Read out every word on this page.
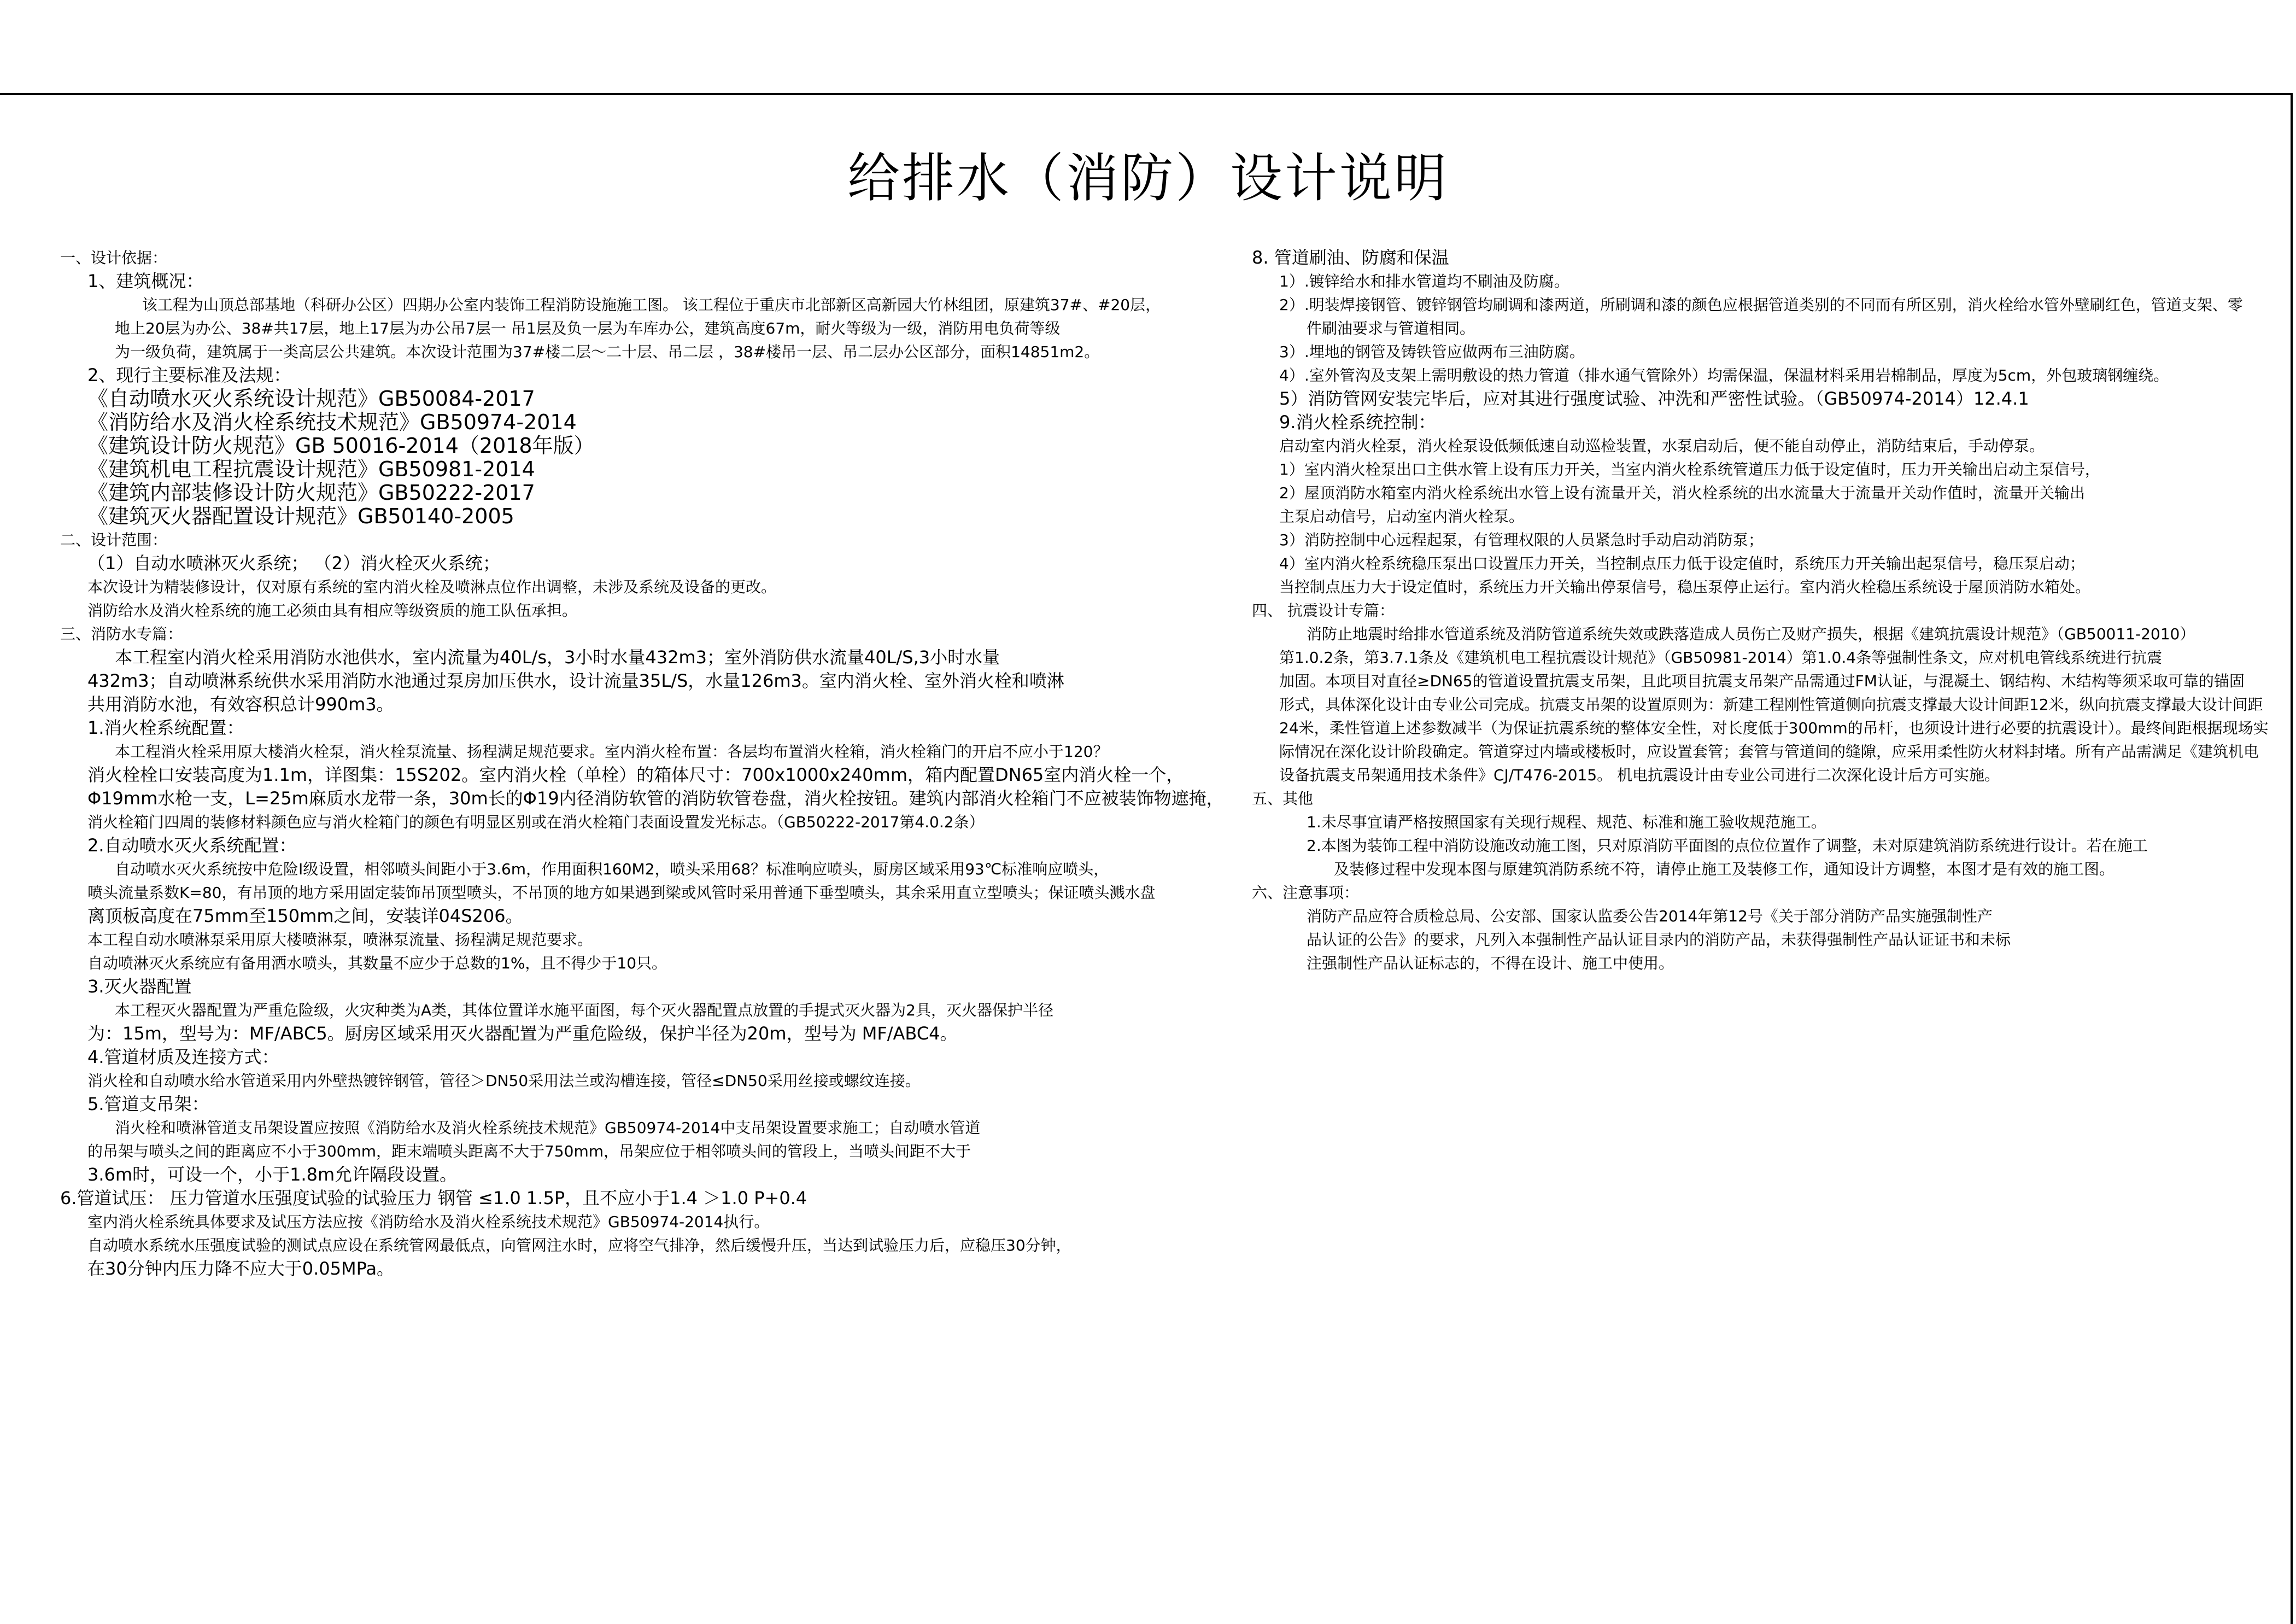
给排水（消防）设计说明
一、设计依据：
1、建筑概况：
该工程为山顶总部基地（科研办公区）四期办公室内装饰工程消防设施施工图。 该工程位于重庆市北部新区高新园大竹林组团，原建筑37#、#20层，
地上20层为办公、38#共17层，地上17层为办公吊7层一 吊1层及负一层为车库办公，建筑高度67m，耐火等级为一级，消防用电负荷等级
为一级负荷，建筑属于一类高层公共建筑。本次设计范围为37#楼二层～二十层、吊二层 ，38#楼吊一层、吊二层办公区部分，面积14851m2。
2、现行主要标准及法规：
《自动喷水灭火系统设计规范》GB50084-2017
《消防给水及消火栓系统技术规范》GB50974-2014
《建筑设计防火规范》GB 50016-2014（2018年版）
《建筑机电工程抗震设计规范》GB50981-2014
《建筑内部装修设计防火规范》GB50222-2017
《建筑灭火器配置设计规范》GB50140-2005
二、设计范围：
（1）自动水喷淋灭火系统； （2）消火栓灭火系统；
本次设计为精装修设计，仅对原有系统的室内消火栓及喷淋点位作出调整，未涉及系统及设备的更改。
消防给水及消火栓系统的施工必须由具有相应等级资质的施工队伍承担。
三、消防水专篇：
本工程室内消火栓采用消防水池供水，室内流量为40L/s，3小时水量432m3；室外消防供水流量40L/S,3小时水量
432m3；自动喷淋系统供水采用消防水池通过泵房加压供水，设计流量35L/S，水量126m3。室内消火栓、室外消火栓和喷淋
共用消防水池，有效容积总计990m3。
1.消火栓系统配置：
本工程消火栓采用原大楼消火栓泵，消火栓泵流量、扬程满足规范要求。室内消火栓布置：各层均布置消火栓箱，消火栓箱门的开启不应小于120？
消火栓栓口安装高度为1.1m，详图集：15S202。室内消火栓（单栓）的箱体尺寸：700x1000x240mm，箱内配置DN65室内消火栓一个，
Φ19mm水枪一支，L=25m麻质水龙带一条，30m长的Φ19内径消防软管的消防软管卷盘，消火栓按钮。建筑内部消火栓箱门不应被装饰物遮掩，
消火栓箱门四周的装修材料颜色应与消火栓箱门的颜色有明显区别或在消火栓箱门表面设置发光标志。（GB50222-2017第4.0.2条）
2.自动喷水灭火系统配置：
自动喷水灭火系统按中危险Ⅰ级设置，相邻喷头间距小于3.6m，作用面积160M2，喷头采用68？标准响应喷头，厨房区域采用93℃标准响应喷头，
喷头流量系数K=80，有吊顶的地方采用固定装饰吊顶型喷头，不吊顶的地方如果遇到梁或风管时采用普通下垂型喷头，其余采用直立型喷头；保证喷头溅水盘
离顶板高度在75mm至150mm之间，安装详04S206。
本工程自动水喷淋泵采用原大楼喷淋泵，喷淋泵流量、扬程满足规范要求。
自动喷淋灭火系统应有备用洒水喷头，其数量不应少于总数的1%，且不得少于10只。
3.灭火器配置
本工程灭火器配置为严重危险级，火灾种类为A类，其体位置详水施平面图，每个灭火器配置点放置的手提式灭火器为2具，灭火器保护半径
为：15m，型号为：MF/ABC5。厨房区域采用灭火器配置为严重危险级，保护半径为20m，型号为 MF/ABC4。
4.管道材质及连接方式：
消火栓和自动喷水给水管道采用内外壁热镀锌钢管，管径＞DN50采用法兰或沟槽连接，管径≤DN50采用丝接或螺纹连接。
5.管道支吊架：
消火栓和喷淋管道支吊架设置应按照《消防给水及消火栓系统技术规范》GB50974-2014中支吊架设置要求施工；自动喷水管道
的吊架与喷头之间的距离应不小于300mm，距末端喷头距离不大于750mm，吊架应位于相邻喷头间的管段上，当喷头间距不大于
3.6m时，可设一个，小于1.8m允许隔段设置。
6.管道试压： 压力管道水压强度试验的试验压力 钢管 ≤1.0 1.5P，且不应小于1.4 ＞1.0 P+0.4
室内消火栓系统具体要求及试压方法应按《消防给水及消火栓系统技术规范》GB50974-2014执行。
自动喷水系统水压强度试验的测试点应设在系统管网最低点，向管网注水时，应将空气排净，然后缓慢升压，当达到试验压力后，应稳压30分钟，
在30分钟内压力降不应大于0.05MPa。
8. 管道刷油、防腐和保温
1）.镀锌给水和排水管道均不刷油及防腐。
2）.明装焊接钢管、镀锌钢管均刷调和漆两道，所刷调和漆的颜色应根据管道类别的不同而有所区别，消火栓给水管外壁刷红色，管道支架、零
件刷油要求与管道相同。
3）.埋地的钢管及铸铁管应做两布三油防腐。
4）.室外管沟及支架上需明敷设的热力管道（排水通气管除外）均需保温，保温材料采用岩棉制品，厚度为5cm，外包玻璃钢缠绕。
5）消防管网安装完毕后，应对其进行强度试验、冲洗和严密性试验。（GB50974-2014）12.4.1
9.消火栓系统控制：
启动室内消火栓泵，消火栓泵设低频低速自动巡检装置，水泵启动后，便不能自动停止，消防结束后，手动停泵。
1）室内消火栓泵出口主供水管上设有压力开关，当室内消火栓系统管道压力低于设定值时，压力开关输出启动主泵信号，
2）屋顶消防水箱室内消火栓系统出水管上设有流量开关，消火栓系统的出水流量大于流量开关动作值时，流量开关输出
主泵启动信号，启动室内消火栓泵。
3）消防控制中心远程起泵，有管理权限的人员紧急时手动启动消防泵；
4）室内消火栓系统稳压泵出口设置压力开关，当控制点压力低于设定值时，系统压力开关输出起泵信号，稳压泵启动；
当控制点压力大于设定值时，系统压力开关输出停泵信号，稳压泵停止运行。室内消火栓稳压系统设于屋顶消防水箱处。
四、 抗震设计专篇：
消防止地震时给排水管道系统及消防管道系统失效或跌落造成人员伤亡及财产损失，根据《建筑抗震设计规范》（GB50011-2010）
第1.0.2条，第3.7.1条及《建筑机电工程抗震设计规范》（GB50981-2014）第1.0.4条等强制性条文，应对机电管线系统进行抗震
加固。本项目对直径≥DN65的管道设置抗震支吊架，且此项目抗震支吊架产品需通过FM认证，与混凝土、钢结构、木结构等须采取可靠的锚固
形式，具体深化设计由专业公司完成。抗震支吊架的设置原则为：新建工程刚性管道侧向抗震支撑最大设计间距12米，纵向抗震支撑最大设计间距
24米，柔性管道上述参数减半（为保证抗震系统的整体安全性，对长度低于300mm的吊杆，也须设计进行必要的抗震设计）。最终间距根据现场实
际情况在深化设计阶段确定。管道穿过内墙或楼板时，应设置套管；套管与管道间的缝隙，应采用柔性防火材料封堵。所有产品需满足《建筑机电
设备抗震支吊架通用技术条件》CJ/T476-2015。 机电抗震设计由专业公司进行二次深化设计后方可实施。
五、其他
1.未尽事宜请严格按照国家有关现行规程、规范、标准和施工验收规范施工。
2.本图为装饰工程中消防设施改动施工图，只对原消防平面图的点位位置作了调整，未对原建筑消防系统进行设计。若在施工
及装修过程中发现本图与原建筑消防系统不符，请停止施工及装修工作，通知设计方调整，本图才是有效的施工图。
六、注意事项：
消防产品应符合质检总局、公安部、国家认监委公告2014年第12号《关于部分消防产品实施强制性产
品认证的公告》的要求，凡列入本强制性产品认证目录内的消防产品，未获得强制性产品认证证书和未标
注强制性产品认证标志的，不得在设计、施工中使用。
